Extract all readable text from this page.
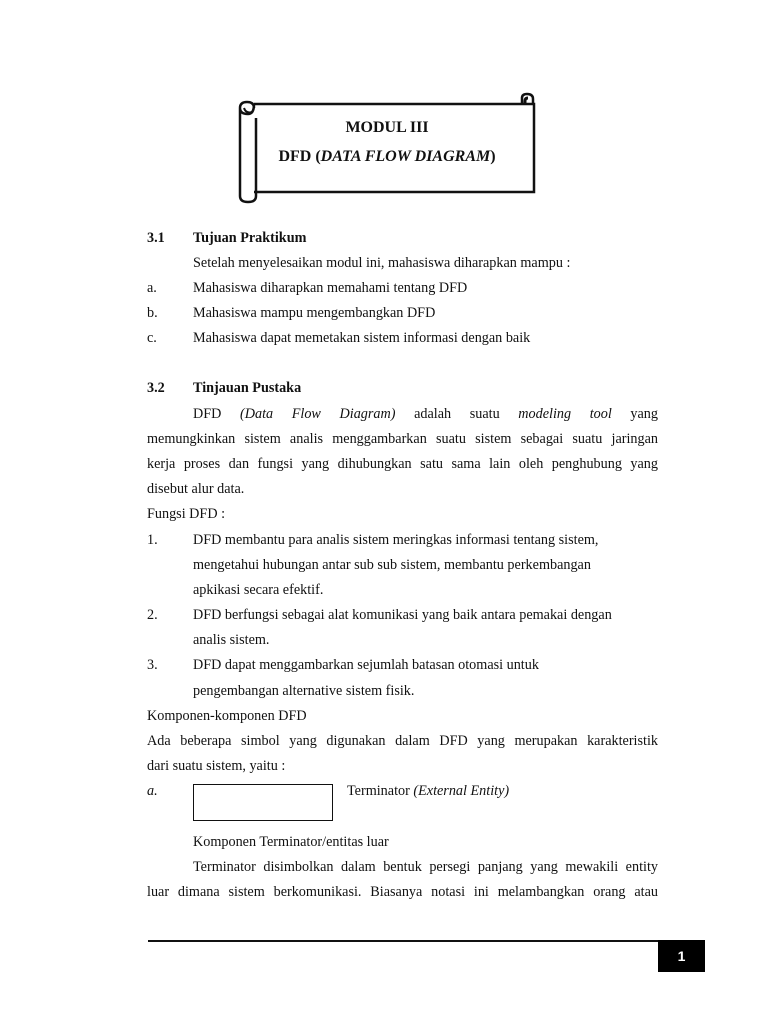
MODUL III
DFD (DATA FLOW DIAGRAM)
3.1 Tujuan Praktikum
Setelah menyelesaikan modul ini, mahasiswa diharapkan mampu :
a.	Mahasiswa diharapkan memahami tentang DFD
b. Mahasiswa mampu mengembangkan DFD
c.	Mahasiswa dapat memetakan sistem informasi dengan baik
3.2 Tinjauan Pustaka
DFD (Data Flow Diagram) adalah suatu modeling tool yang
memungkinkan sistem analis menggambarkan suatu sistem sebagai suatu jaringan
kerja proses dan fungsi yang dihubungkan satu sama lain oleh penghubung yang
disebut alur data.
Fungsi DFD :
1. DFD membantu para analis sistem meringkas informasi tentang sistem,
mengetahui hubungan antar sub sub sistem, membantu perkembangan
apkikasi secara efektif.
2. DFD berfungsi sebagai alat komunikasi yang baik antara pemakai dengan
analis sistem.
3. DFD dapat menggambarkan sejumlah batasan otomasi untuk
pengembangan alternative sistem fisik.
Komponen-komponen DFD
Ada beberapa simbol yang digunakan dalam DFD yang merupakan karakteristik
dari suatu sistem, yaitu :
a.	Terminator (External Entity)
Komponen Terminator/entitas luar
Terminator disimbolkan dalam bentuk persegi panjang yang mewakili entity
luar dimana sistem berkomunikasi. Biasanya notasi ini melambangkan orang atau
1
